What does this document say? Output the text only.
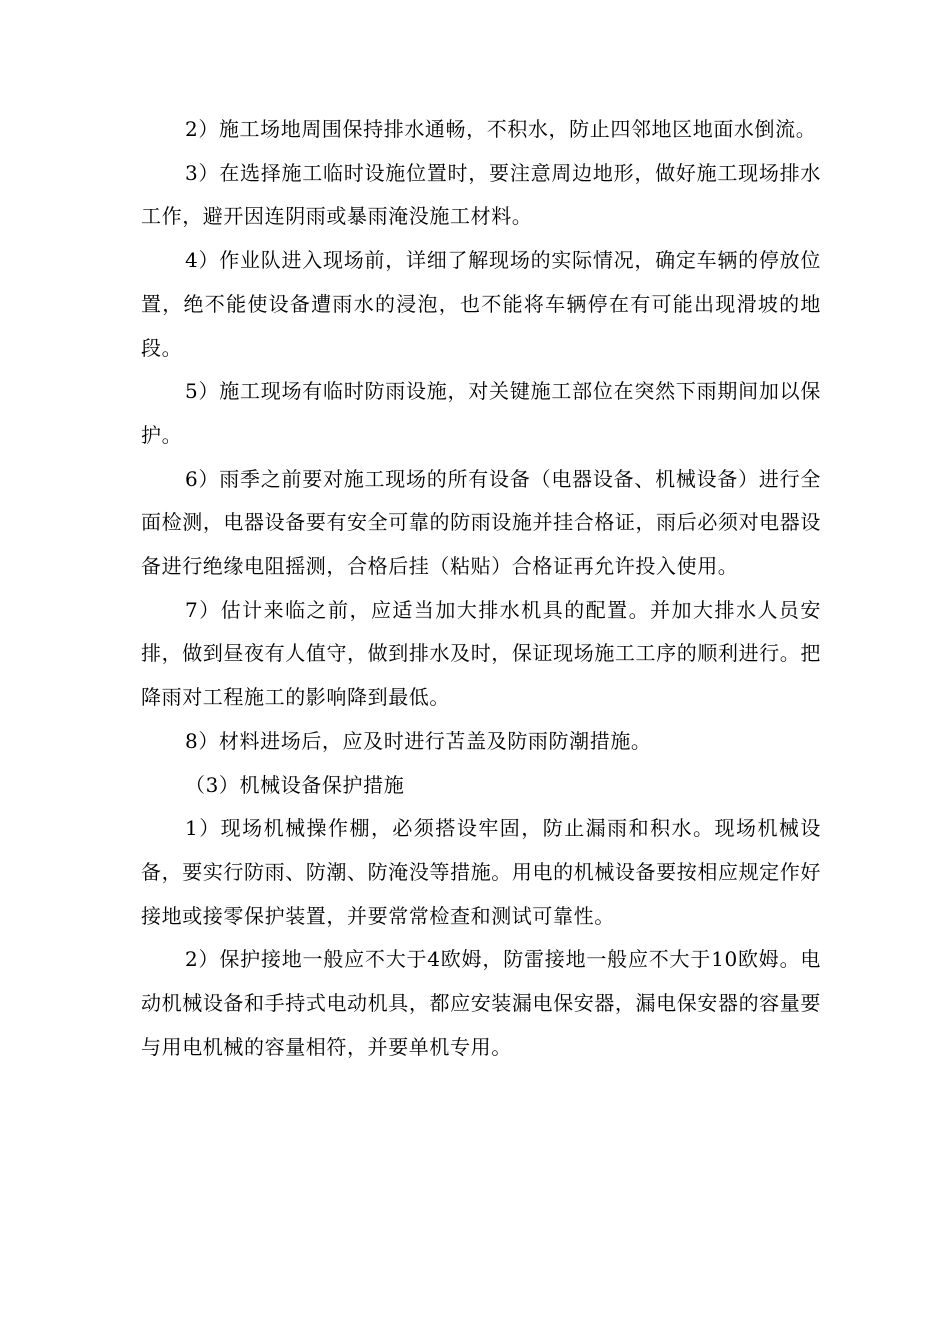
2）施工场地周围保持排水通畅，不积水，防止四邻地区地面水倒流。

3）在选择施工临时设施位置时，要注意周边地形，做好施工现场排水工作，避开因连阴雨或暴雨淹没施工材料。

4）作业队进入现场前，详细了解现场的实际情况，确定车辆的停放位置，绝不能使设备遭雨水的浸泡，也不能将车辆停在有可能出现滑坡的地段。

5）施工现场有临时防雨设施，对关键施工部位在突然下雨期间加以保护。

6）雨季之前要对施工现场的所有设备（电器设备、机械设备）进行全面检测，电器设备要有安全可靠的防雨设施并挂合格证，雨后必须对电器设备进行绝缘电阻摇测，合格后挂（粘贴）合格证再允许投入使用。

7）估计来临之前，应适当加大排水机具的配置。并加大排水人员安排，做到昼夜有人值守，做到排水及时，保证现场施工工序的顺利进行。把降雨对工程施工的影响降到最低。

8）材料进场后，应及时进行苫盖及防雨防潮措施。

（3）机械设备保护措施

1）现场机械操作棚，必须搭设牢固，防止漏雨和积水。现场机械设备，要实行防雨、防潮、防淹没等措施。用电的机械设备要按相应规定作好接地或接零保护装置，并要常常检查和测试可靠性。

2）保护接地一般应不大于4欧姆，防雷接地一般应不大于10欧姆。电动机械设备和手持式电动机具，都应安装漏电保安器，漏电保安器的容量要与用电机械的容量相符，并要单机专用。
